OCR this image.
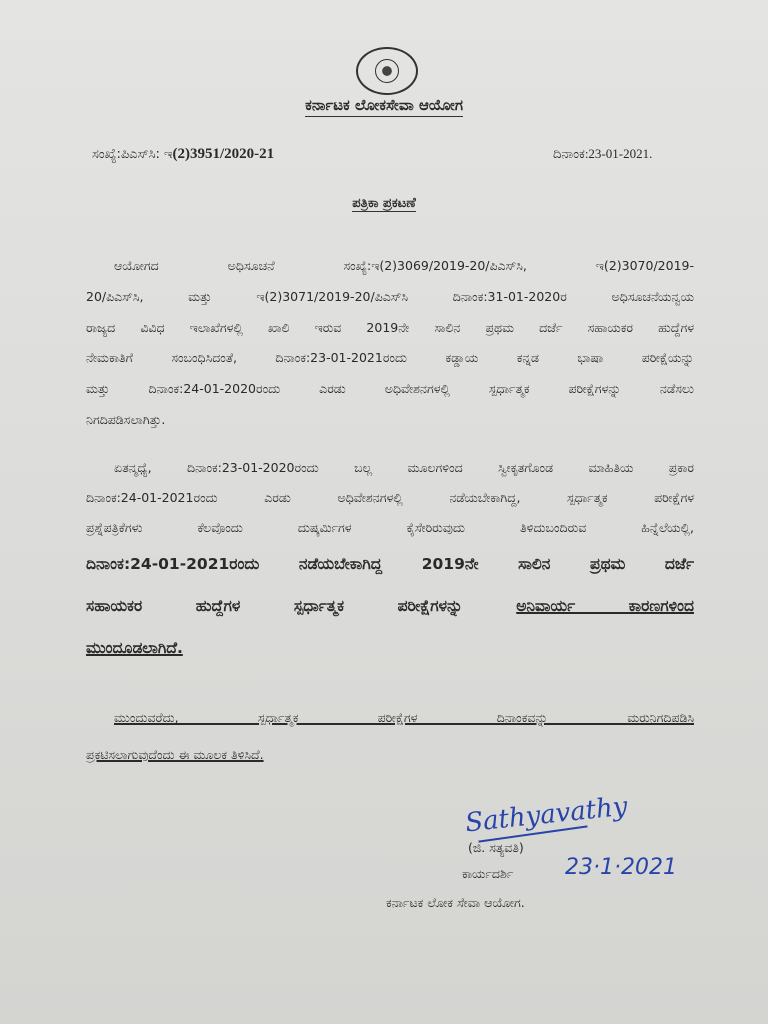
ಕರ್ನಾಟಕ ಲೋಕಸೇವಾ ಆಯೋಗ
ಸಂಖ್ಯೆ:ಪಿಎಸ್‌ಸಿ: ಇ(2)3951/2020-21	ದಿನಾಂಕ:23-01-2021.
ಪತ್ರಿಕಾ ಪ್ರಕಟಣೆ
ಆಯೋಗದ ಅಧಿಸೂಚನೆ ಸಂಖ್ಯೆ:ಇ(2)3069/2019-20/ಪಿಎಸ್‌ಸಿ, ಇ(2)3070/2019-
20/ಪಿಎಸ್‌ಸಿ, ಮತ್ತು ಇ(2)3071/2019-20/ಪಿಎಸ್‌ಸಿ ದಿನಾಂಕ:31-01-2020ರ ಅಧಿಸೂಚನೆಯನ್ವಯ
ರಾಜ್ಯದ ವಿವಿಧ ಇಲಾಖೆಗಳಲ್ಲಿ ಖಾಲಿ ಇರುವ 2019ನೇ ಸಾಲಿನ ಪ್ರಥಮ ದರ್ಜೆ ಸಹಾಯಕರ ಹುದ್ದೆಗಳ
ನೇಮಕಾತಿಗೆ ಸಂಬಂಧಿಸಿದಂತೆ, ದಿನಾಂಕ:23-01-2021ರಂದು ಕಡ್ಡಾಯ ಕನ್ನಡ ಭಾಷಾ ಪರೀಕ್ಷೆಯನ್ನು
ಮತ್ತು ದಿನಾಂಕ:24-01-2020ರಂದು ಎರಡು ಅಧಿವೇಶನಗಳಲ್ಲಿ ಸ್ಪರ್ಧಾತ್ಮಕ ಪರೀಕ್ಷೆಗಳನ್ನು ನಡೆಸಲು
ನಿಗದಿಪಡಿಸಲಾಗಿತ್ತು.
ಏತನ್ಮಧ್ಯೆ, ದಿನಾಂಕ:23-01-2020ರಂದು ಬಲ್ಲ ಮೂಲಗಳಿಂದ ಸ್ವೀಕೃತಗೊಂಡ ಮಾಹಿತಿಯ ಪ್ರಕಾರ
ದಿನಾಂಕ:24-01-2021ರಂದು ಎರಡು ಅಧಿವೇಶನಗಳಲ್ಲಿ ನಡೆಯಬೇಕಾಗಿದ್ದ, ಸ್ಪರ್ಧಾತ್ಮಕ ಪರೀಕ್ಷೆಗಳ
ಪ್ರಶ್ನೆಪತ್ರಿಕೆಗಳು ಕೆಲವೊಂದು ದುಷ್ಕರ್ಮಿಗಳ ಕೈಸೇರಿರುವುದು ತಿಳಿದುಬಂದಿರುವ ಹಿನ್ನೆಲೆಯಲ್ಲಿ,
ದಿನಾಂಕ:24-01-2021ರಂದು ನಡೆಯಬೇಕಾಗಿದ್ದ 2019ನೇ ಸಾಲಿನ ಪ್ರಥಮ ದರ್ಜೆ
ಸಹಾಯಕರ ಹುದ್ದೆಗಳ ಸ್ಪರ್ಧಾತ್ಮಕ ಪರೀಕ್ಷೆಗಳನ್ನು	ಅನಿವಾರ್ಯ ಕಾರಣಗಳಿಂದ
ಮುಂದೂಡಲಾಗಿದೆ.
ಮುಂದುವರೆದು, ಸ್ಪರ್ಧಾತ್ಮಕ ಪರೀಕ್ಷೆಗಳ ದಿನಾಂಕವನ್ನು ಮರುನಿಗದಿಪಡಿಸಿ
ಪ್ರಕಟಿಸಲಾಗುವುದೆಂದು ಈ ಮೂಲಕ ತಿಳಿಸಿದೆ.
Sathyavathy
(ಜಿ. ಸತ್ಯವತಿ)
23·1·2021
ಕಾರ್ಯದರ್ಶಿ
ಕರ್ನಾಟಕ ಲೋಕ ಸೇವಾ ಆಯೋಗ.
